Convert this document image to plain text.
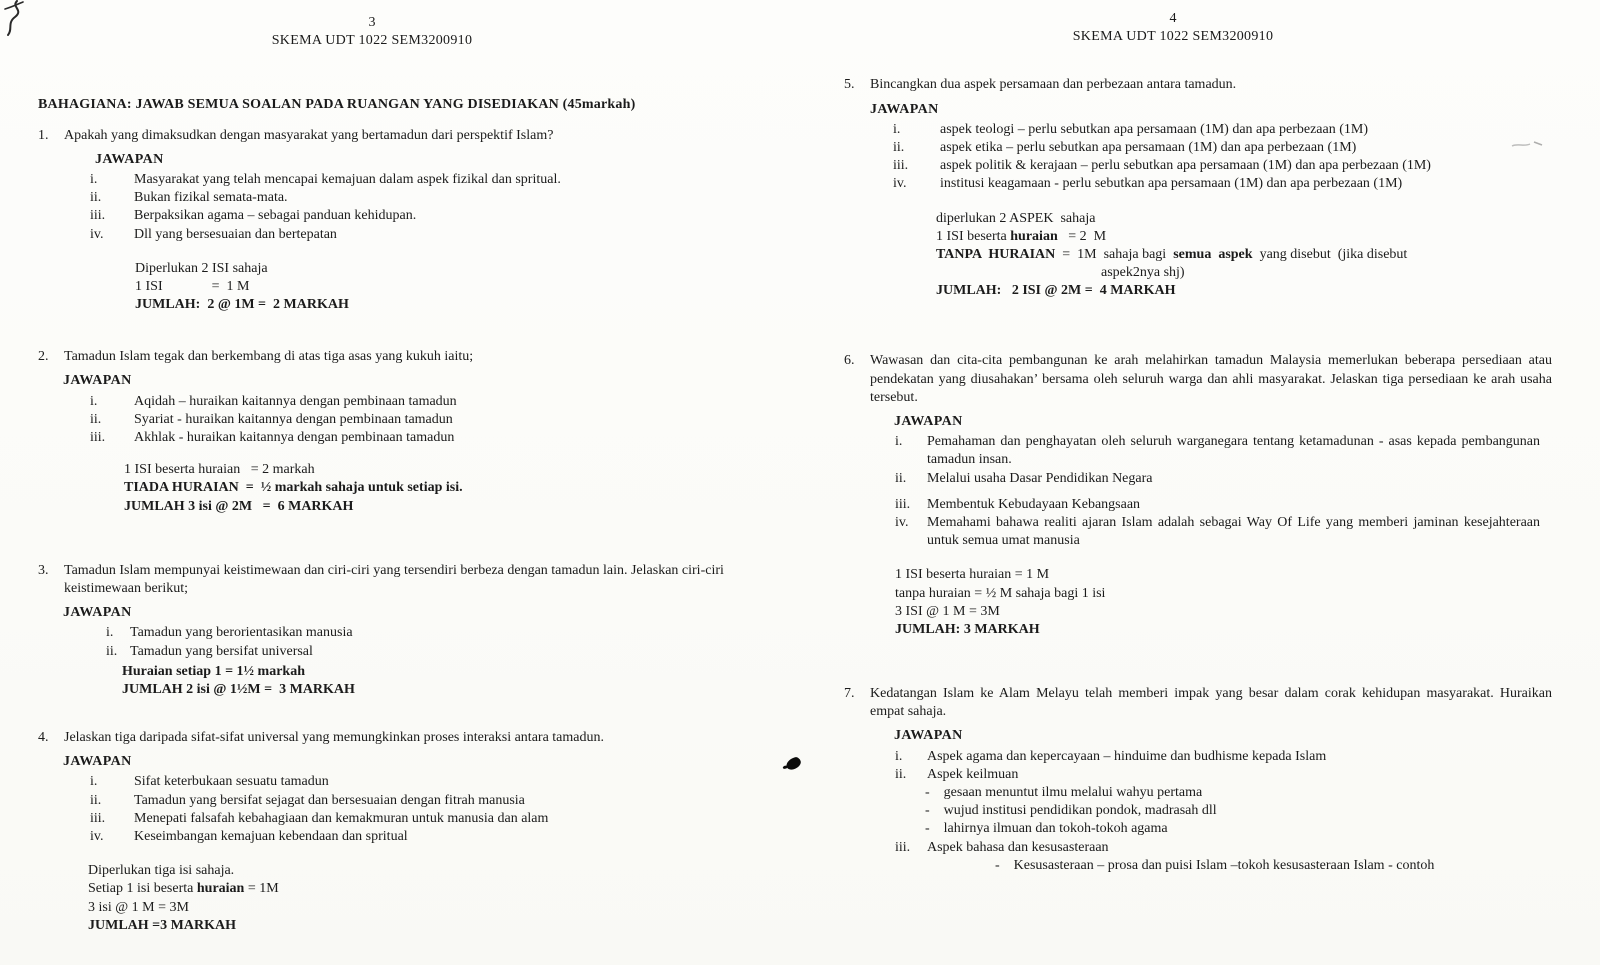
3
SKEMA UDT 1022 SEM3200910
BAHAGIANA: JAWAB SEMUA SOALAN PADA RUANGAN YANG DISEDIAKAN (45markah)
1.	Apakah yang dimaksudkan dengan masyarakat yang bertamadun dari perspektif Islam?
JAWAPAN
i.	Masyarakat yang telah mencapai kemajuan dalam aspek fizikal dan spritual.
ii.	Bukan fizikal semata-mata.
iii.	Berpaksikan agama – sebagai panduan kehidupan.
iv.	Dll yang bersesuaian dan bertepatan
Diperlukan 2 ISI sahaja
1 ISI              =  1 M
JUMLAH:  2 @ 1M =  2 MARKAH
2.	Tamadun Islam tegak dan berkembang di atas tiga asas yang kukuh iaitu;
JAWAPAN
i.	Aqidah – huraikan kaitannya dengan pembinaan tamadun
ii.	Syariat - huraikan kaitannya dengan pembinaan tamadun
iii.	Akhlak - huraikan kaitannya dengan pembinaan tamadun
1 ISI beserta huraian   = 2 markah
TIADA HURAIAN  =  ½ markah sahaja untuk setiap isi.
JUMLAH 3 isi @ 2M   =  6 MARKAH
3.	Tamadun Islam mempunyai keistimewaan dan ciri-ciri yang tersendiri berbeza dengan tamadun lain. Jelaskan ciri-ciri keistimewaan berikut;
JAWAPAN
i.	Tamadun yang berorientasikan manusia
ii. Tamadun yang bersifat universal
Huraian setiap 1 = 1½ markah
JUMLAH 2 isi @ 1½M =  3 MARKAH
4.	Jelaskan tiga daripada sifat-sifat universal yang memungkinkan proses interaksi antara tamadun.
JAWAPAN
i.	Sifat keterbukaan sesuatu tamadun
ii.	Tamadun yang bersifat sejagat dan bersesuaian dengan fitrah manusia
iii.	Menepati falsafah kebahagiaan dan kemakmuran untuk manusia dan alam
iv.	Keseimbangan kemajuan kebendaan dan spritual
Diperlukan tiga isi sahaja.
Setiap 1 isi beserta huraian = 1M
3 isi @ 1 M = 3M
JUMLAH =3 MARKAH
4
SKEMA UDT 1022 SEM3200910
5.	Bincangkan dua aspek persamaan dan perbezaan antara tamadun.
JAWAPAN
i.	aspek teologi – perlu sebutkan apa persamaan (1M) dan apa perbezaan (1M)
ii.	aspek etika – perlu sebutkan apa persamaan (1M) dan apa perbezaan (1M)
iii.	aspek politik & kerajaan – perlu sebutkan apa persamaan (1M) dan apa perbezaan (1M)
iv.	institusi keagamaan - perlu sebutkan apa persamaan (1M) dan apa perbezaan (1M)
diperlukan 2 ASPEK  sahaja
1 ISI beserta huraian   = 2  M
TANPA  HURAIAN  =  1M  sahaja bagi  semua  aspek  yang disebut  (jika disebut
aspek2nya shj)
JUMLAH:   2 ISI @ 2M =  4 MARKAH
6.	Wawasan dan cita-cita pembangunan ke arah melahirkan tamadun Malaysia memerlukan beberapa persediaan atau pendekatan yang diusahakan’ bersama oleh seluruh warga dan ahli masyarakat. Jelaskan tiga persediaan ke arah usaha tersebut.
JAWAPAN
i.	Pemahaman dan penghayatan oleh seluruh warganegara tentang ketamadunan - asas kepada pembangunan tamadun insan.
ii.	Melalui usaha Dasar Pendidikan Negara
iii.	Membentuk Kebudayaan Kebangsaan
iv.	Memahami bahawa realiti ajaran Islam adalah sebagai Way Of Life yang memberi jaminan kesejahteraan untuk semua umat manusia
1 ISI beserta huraian = 1 M
tanpa huraian = ½ M sahaja bagi 1 isi
3 ISI @ 1 M = 3M
JUMLAH: 3 MARKAH
7.	Kedatangan Islam ke Alam Melayu telah memberi impak yang besar dalam corak kehidupan masyarakat. Huraikan empat sahaja.
JAWAPAN
i.	Aspek agama dan kepercayaan – hinduime dan budhisme kepada Islam
ii.	Aspek keilmuan
-    gesaan menuntut ilmu melalui wahyu pertama
-    wujud institusi pendidikan pondok, madrasah dll
-    lahirnya ilmuan dan tokoh-tokoh agama
iii.	Aspek bahasa dan kesusasteraan
-    Kesusasteraan – prosa dan puisi Islam –tokoh kesusasteraan Islam - contoh
